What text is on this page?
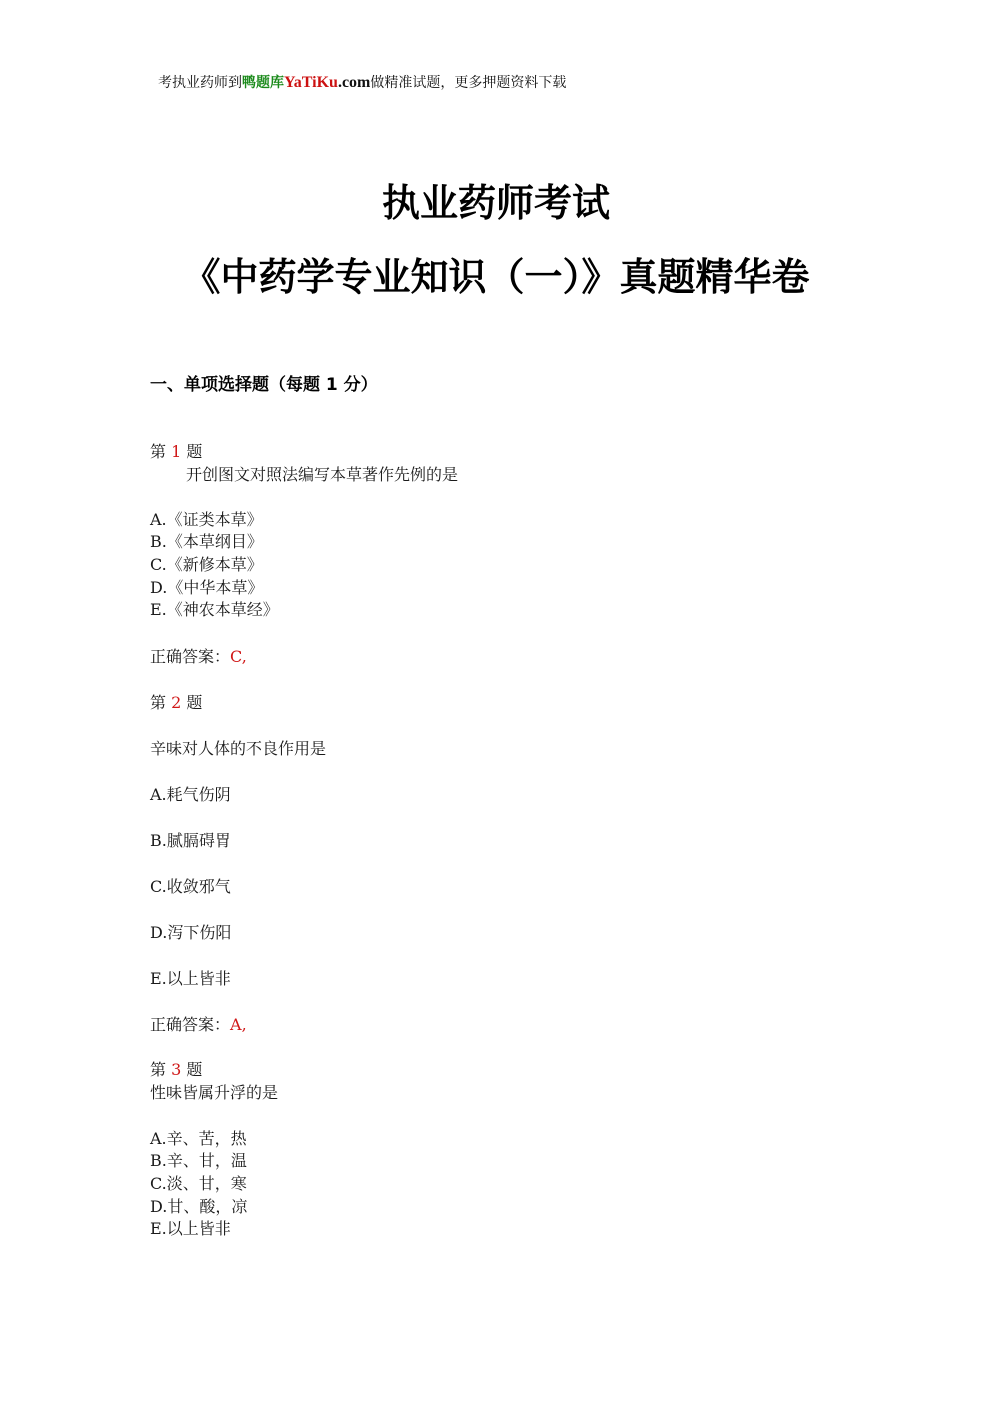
考执业药师到鸭题库YaTiKu.com做精准试题，更多押题资料下载
执业药师考试
《中药学专业知识（一）》真题精华卷
一、单项选择题（每题 1 分）
第 1 题
开创图文对照法编写本草著作先例的是
A.《证类本草》
B.《本草纲目》
C.《新修本草》
D.《中华本草》
E.《神农本草经》
正确答案：C,
第 2 题
辛味对人体的不良作用是
A.耗气伤阴
B.腻膈碍胃
C.收敛邪气
D.泻下伤阳
E.以上皆非
正确答案：A,
第 3 题
性味皆属升浮的是
A.辛、苦，热
B.辛、甘，温
C.淡、甘，寒
D.甘、酸，凉
E.以上皆非
